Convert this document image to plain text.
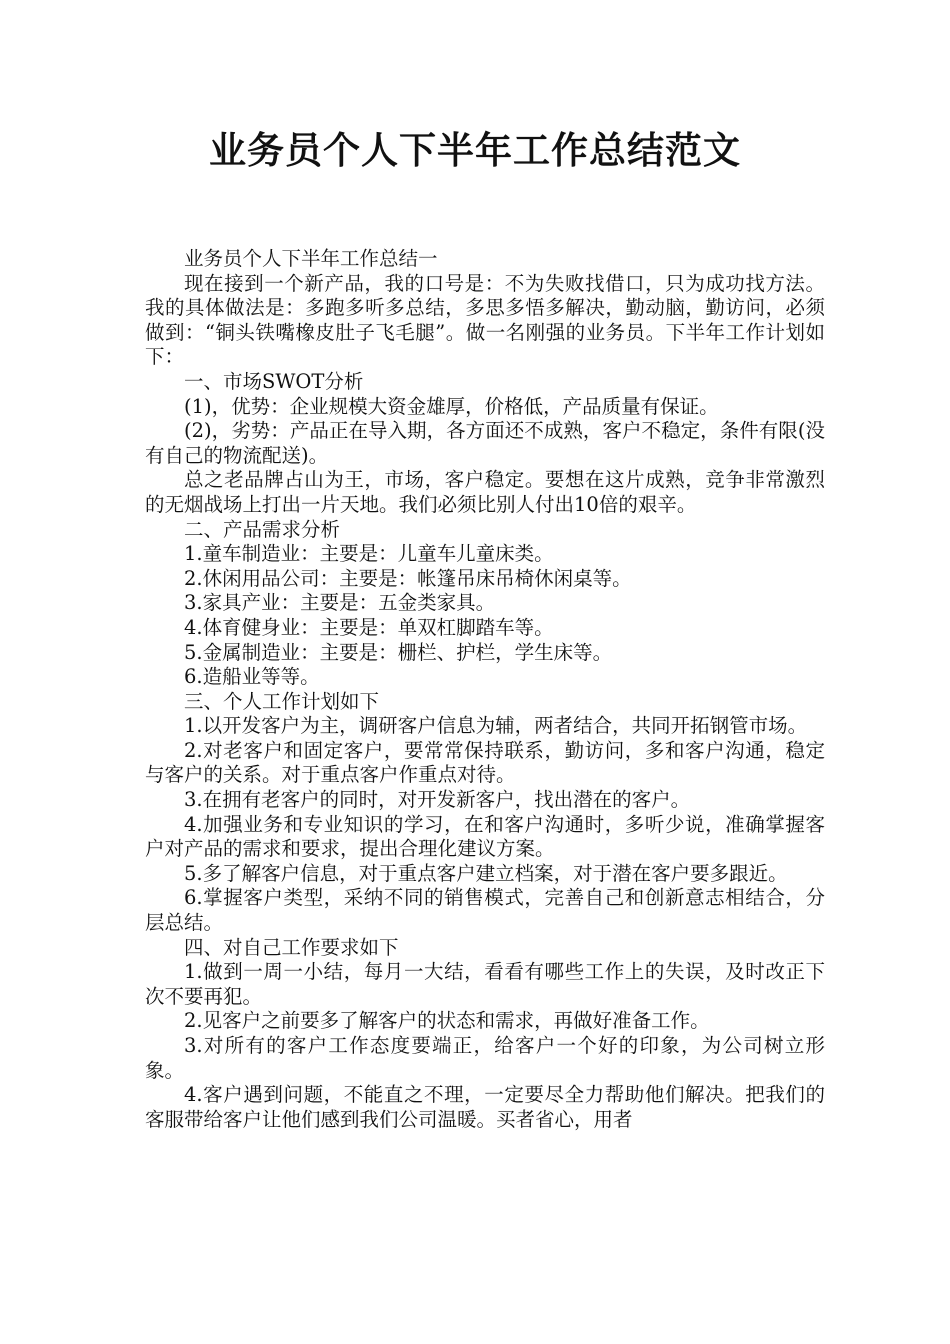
业务员个人下半年工作总结范文

业务员个人下半年工作总结一

现在接到一个新产品，我的口号是：不为失败找借口，只为成功找方法。我的具体做法是：多跑多听多总结，多思多悟多解决，勤动脑，勤访问，必须做到：“铜头铁嘴橡皮肚子飞毛腿”。做一名刚强的业务员。下半年工作计划如下：

一、市场SWOT分析

(1)，优势：企业规模大资金雄厚，价格低，产品质量有保证。

(2)，劣势：产品正在导入期，各方面还不成熟，客户不稳定，条件有限(没有自己的物流配送)。

总之老品牌占山为王，市场，客户稳定。要想在这片成熟，竞争非常激烈的无烟战场上打出一片天地。我们必须比别人付出10倍的艰辛。

二、产品需求分析

1.童车制造业：主要是：儿童车儿童床类。

2.休闲用品公司：主要是：帐篷吊床吊椅休闲桌等。

3.家具产业：主要是：五金类家具。

4.体育健身业：主要是：单双杠脚踏车等。

5.金属制造业：主要是：栅栏、护栏，学生床等。

6.造船业等等。

三、个人工作计划如下

1.以开发客户为主，调研客户信息为辅，两者结合，共同开拓钢管市场。

2.对老客户和固定客户，要常常保持联系，勤访问，多和客户沟通，稳定与客户的关系。对于重点客户作重点对待。

3.在拥有老客户的同时，对开发新客户，找出潜在的客户。

4.加强业务和专业知识的学习，在和客户沟通时，多听少说，准确掌握客户对产品的需求和要求，提出合理化建议方案。

5.多了解客户信息，对于重点客户建立档案，对于潜在客户要多跟近。

6.掌握客户类型，采纳不同的销售模式，完善自己和创新意志相结合，分层总结。

四、对自己工作要求如下

1.做到一周一小结，每月一大结，看看有哪些工作上的失误，及时改正下次不要再犯。

2.见客户之前要多了解客户的状态和需求，再做好准备工作。

3.对所有的客户工作态度要端正，给客户一个好的印象，为公司树立形象。

4.客户遇到问题，不能直之不理，一定要尽全力帮助他们解决。把我们的客服带给客户让他们感到我们公司温暖。买者省心，用者
